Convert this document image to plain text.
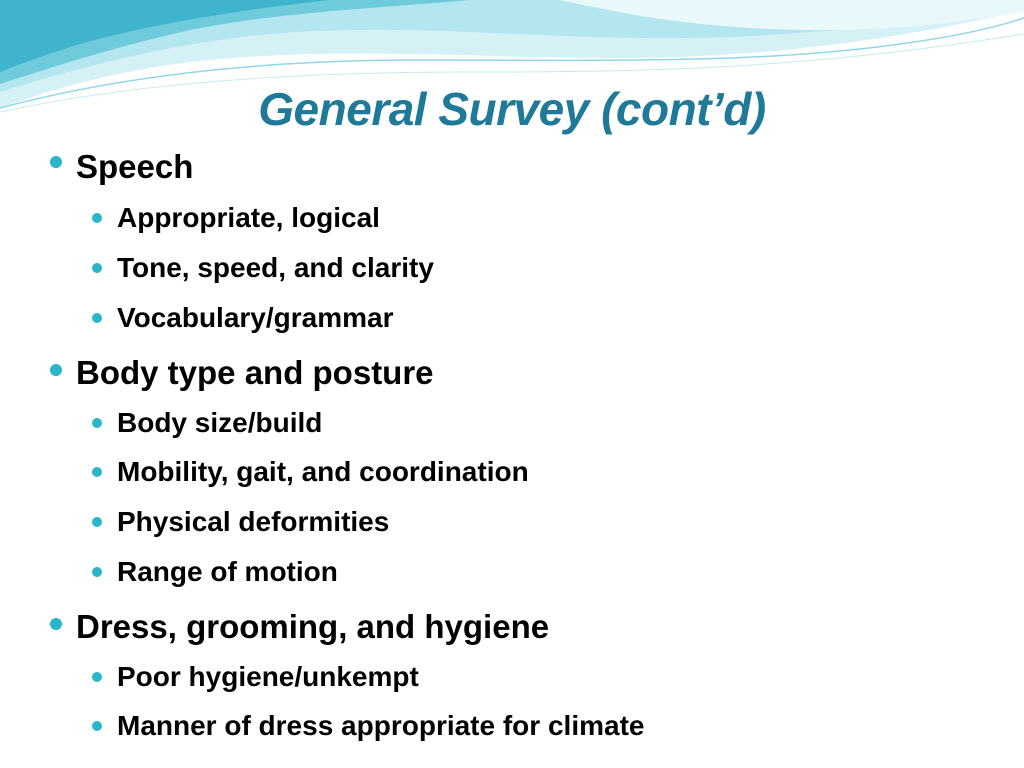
General Survey (cont’d)
Speech
Appropriate, logical
Tone, speed, and clarity
Vocabulary/grammar
Body type and posture
Body size/build
Mobility, gait, and coordination
Physical deformities
Range of motion
Dress, grooming, and hygiene
Poor hygiene/unkempt
Manner of dress appropriate for climate
